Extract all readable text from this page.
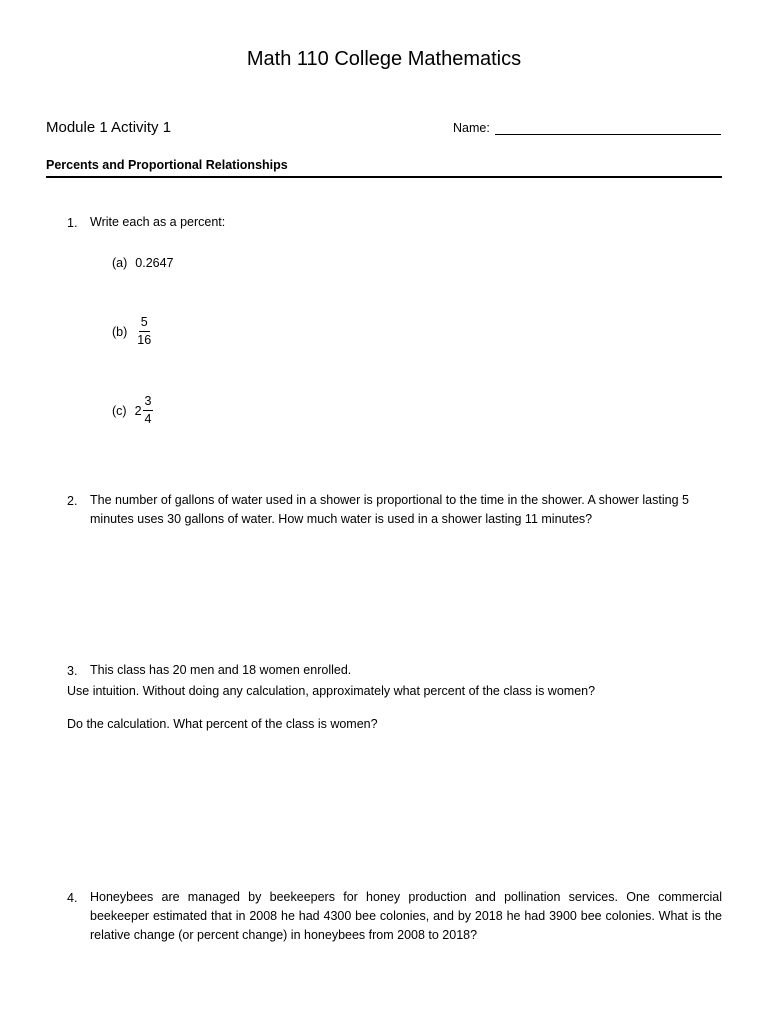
Math 110 College Mathematics
Module 1 Activity 1	Name:
Percents and Proportional Relationships
1. Write each as a percent:
(a) 0.2647
$(b) \frac{5}{16}$
(c) $2 \frac{3}{4}$
2. The number of gallons of water used in a shower is proportional to the time in the shower. A shower lasting 5
minutes uses 30 gallons of water. How much water is used in a shower lasting 11 minutes?
3. This class has 20 men and 18 women enrolled.
Use intuition. Without doing any calculation, approximately what percent of the class is women?
Do the calculation. What percent of the class is women?
4. Honeybees are managed by beekeepers for honey production and pollination services. One commercial beekeeper estimated that in 2008 he had 4300 bee colonies, and by 2018 he had 3900 bee colonies. What is the relative change (or percent change) in honeybees from 2008 to 2018?
